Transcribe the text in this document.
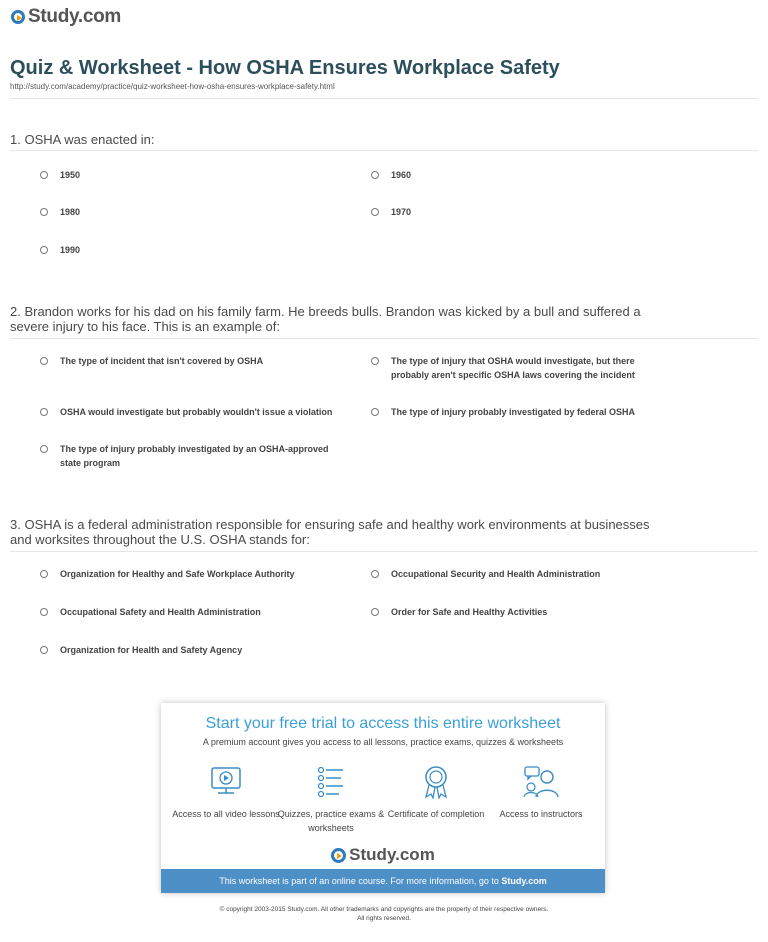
Study.com
Quiz & Worksheet - How OSHA Ensures Workplace Safety
http://study.com/academy/practice/quiz-worksheet-how-osha-ensures-workplace-safety.html
1. OSHA was enacted in:
1950	1960
1980	1970
1990
2. Brandon works for his dad on his family farm. He breeds bulls. Brandon was kicked by a bull and suffered a severe injury to his face. This is an example of:
The type of incident that isn't covered by OSHA	The type of injury that OSHA would investigate, but there probably aren't specific OSHA laws covering the incident
OSHA would investigate but probably wouldn't issue a violation	The type of injury probably investigated by federal OSHA
The type of injury probably investigated by an OSHA-approved state program
3. OSHA is a federal administration responsible for ensuring safe and healthy work environments at businesses and worksites throughout the U.S. OSHA stands for:
Organization for Healthy and Safe Workplace Authority	Occupational Security and Health Administration
Occupational Safety and Health Administration	Order for Safe and Healthy Activities
Organization for Health and Safety Agency
Start your free trial to access this entire worksheet
A premium account gives you access to all lessons, practice exams, quizzes & worksheets
Access to all video lessons
Quizzes, practice exams & worksheets
Certificate of completion	Access to instructors
Study.com
This worksheet is part of an online course. For more information, go to Study.com
© copyright 2003-2015 Study.com. All other trademarks and copyrights are the property of their respective owners.
All rights reserved.
